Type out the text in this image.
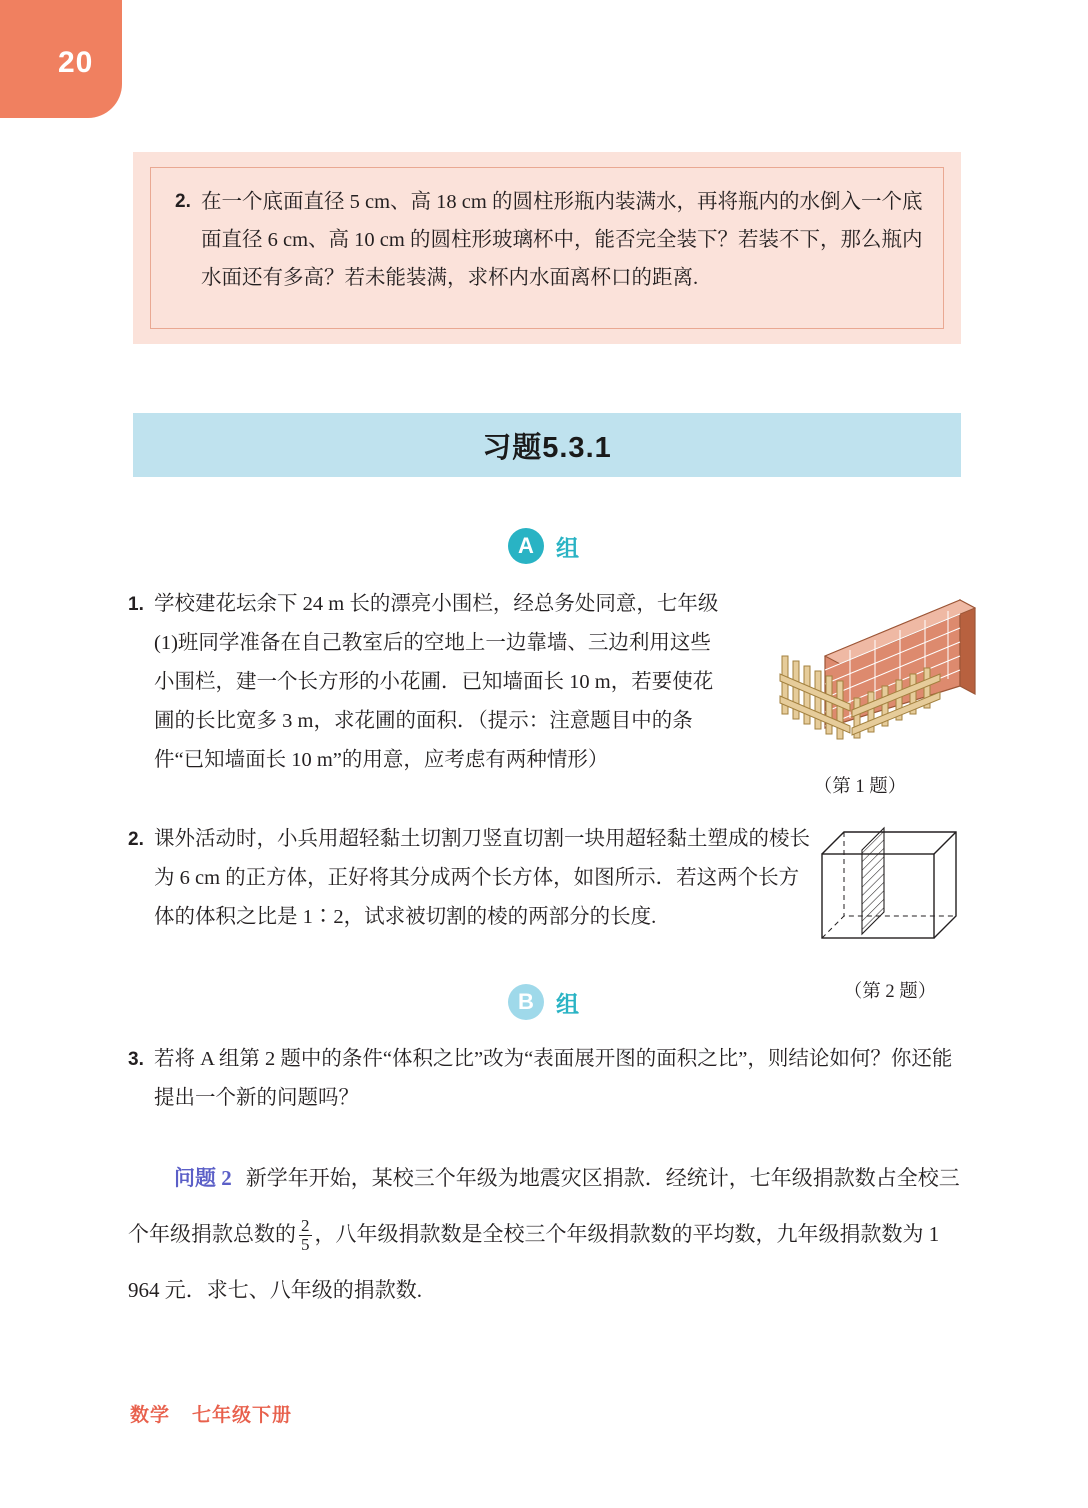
20
2. 在一个底面直径 5 cm、高 18 cm 的圆柱形瓶内装满水，再将瓶内的水倒入一个底面直径 6 cm、高 10 cm 的圆柱形玻璃杯中，能否完全装下？若装不下，那么瓶内水面还有多高？若未能装满，求杯内水面离杯口的距离.
习题5.3.1
A 组
1. 学校建花坛余下 24 m 长的漂亮小围栏，经总务处同意，七年级(1)班同学准备在自己教室后的空地上一边靠墙、三边利用这些小围栏，建一个长方形的小花圃．已知墙面长 10 m，若要使花圃的长比宽多 3 m，求花圃的面积．（提示：注意题目中的条件“已知墙面长 10 m”的用意，应考虑有两种情形）
（第 1 题）
2. 课外活动时，小兵用超轻黏土切割刀竖直切割一块用超轻黏土塑成的棱长为 6 cm 的正方体，正好将其分成两个长方体，如图所示．若这两个长方体的体积之比是 1∶2，试求被切割的棱的两部分的长度.
（第 2 题）
B 组
3. 若将 A 组第 2 题中的条件“体积之比”改为“表面展开图的面积之比”，则结论如何？你还能提出一个新的问题吗？
问题 2 新学年开始，某校三个年级为地震灾区捐款．经统计，七年级捐款数占全校三个年级捐款总数的 $\frac{2}{5}$ ，八年级捐款数是全校三个年级捐款数的平均数，九年级捐款数为 1 964 元．求七、八年级的捐款数.
数学 七年级下册
